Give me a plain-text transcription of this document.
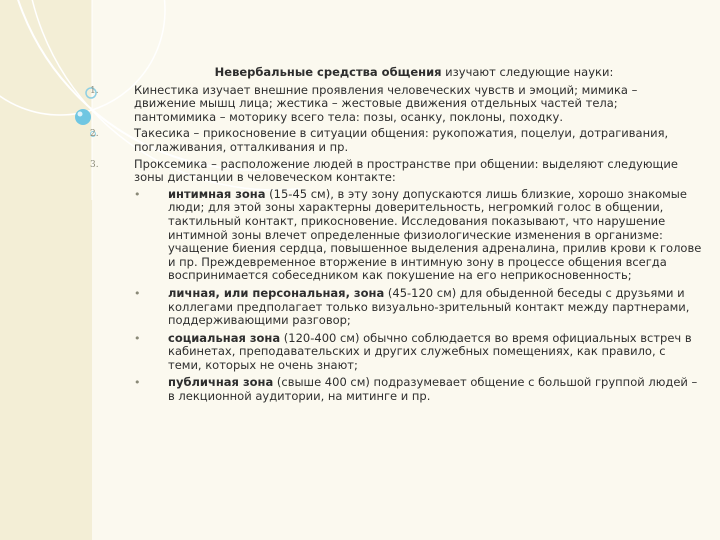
Невербальные средства общения изучают следующие науки:
1.	Кинестика изучает внешние проявления человеческих чувств и эмоций; мимика – движение мышц лица; жестика – жестовые движения отдельных частей тела; пантомимика – моторику всего тела: позы, осанку, поклоны, походку.
2.	Такесика – прикосновение в ситуации общения: рукопожатия, поцелуи, дотрагивания, поглаживания, отталкивания и пр.
3.	Проксемика – расположение людей в пространстве при общении: выделяют следующие зоны дистанции в человеческом контакте:
• интимная зона (15-45 см), в эту зону допускаются лишь близкие, хорошо знакомые люди; для этой зоны характерны доверительность, негромкий голос в общении, тактильный контакт, прикосновение. Исследования показывают, что нарушение интимной зоны влечет определенные физиологические изменения в организме: учащение биения сердца, повышенное выделения адреналина, прилив крови к голове и пр. Преждевременное вторжение в интимную зону в процессе общения всегда воспринимается собеседником как покушение на его неприкосновенность;
• личная, или персональная, зона (45-120 см) для обыденной беседы с друзьями и коллегами предполагает только визуально-зрительный контакт между партнерами, поддерживающими разговор;
• социальная зона (120-400 см) обычно соблюдается во время официальных встреч в кабинетах, преподавательских и других служебных помещениях, как правило, с теми, которых не очень знают;
• публичная зона (свыше 400 см) подразумевает общение с большой группой людей – в лекционной аудитории, на митинге и пр.
